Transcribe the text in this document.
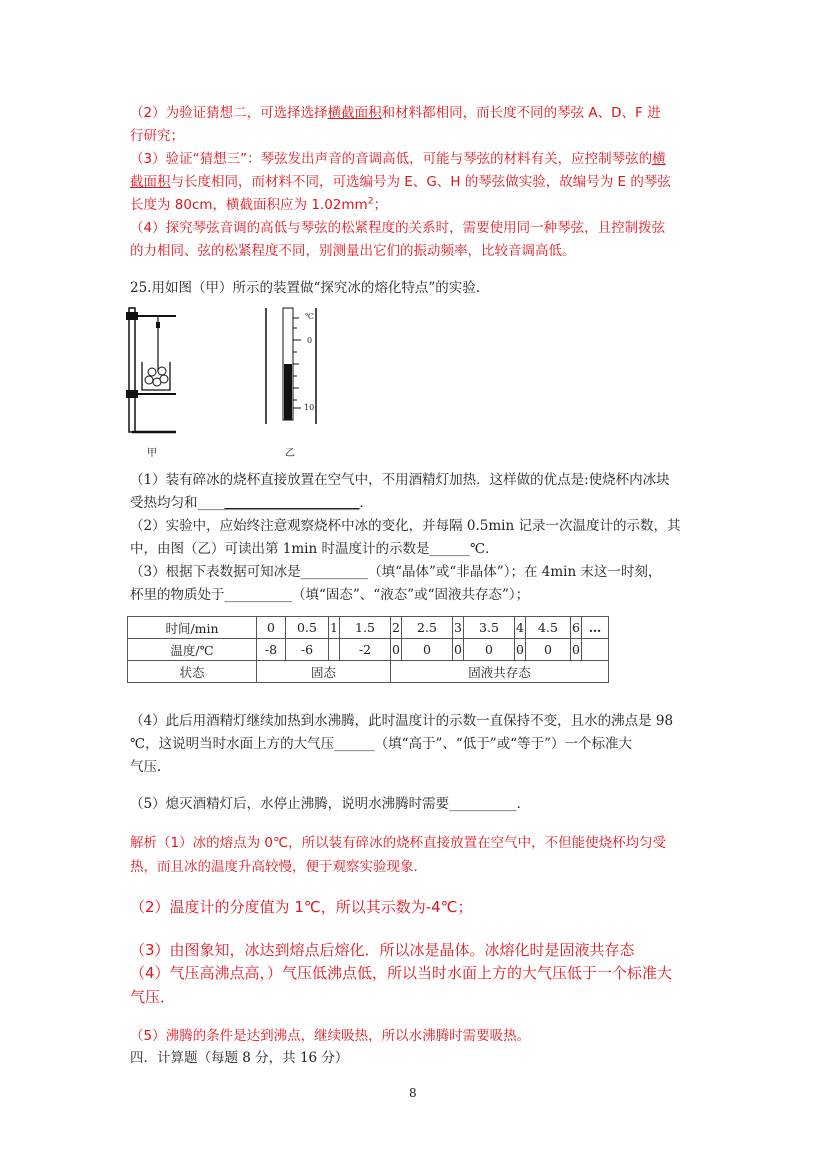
（2）为验证猜想二，可选择选择横截面积和材料都相同，而长度不同的琴弦 A、D、F 进
行研究；
（3）验证“猜想三”：琴弦发出声音的音调高低，可能与琴弦的材料有关，应控制琴弦的横
截面积与长度相同，而材料不同，可选编号为 E、G、H 的琴弦做实验，故编号为 E 的琴弦
长度为 80cm，横截面积应为 $1.02mm^2$；
（4）探究琴弦音调的高低与琴弦的松紧程度的关系时，需要使用同一种琴弦，且控制拨弦
的力相同、弦的松紧程度不同，别测量出它们的振动频率，比较音调高低。
25.用如图（甲）所示的装置做“探究冰的熔化特点”的实验.
甲
℃
0
10
乙
（1）装有碎冰的烧杯直接放置在空气中，不用酒精灯加热．这样做的优点是:使烧杯内冰块
受热均匀和________________________．
（2）实验中，应始终注意观察烧杯中冰的变化，并每隔 0.5min 记录一次温度计的示数，其
中，由图（乙）可读出第 1min 时温度计的示数是______℃．
（3）根据下表数据可知冰是__________（填“晶体”或“非晶体”）；在 4min 末这一时刻，
杯里的物质处于__________（填“固态”、“液态”或“固液共存态”）；
时间/min	0	0.5	1	1.5	2	2.5	3	3.5	4	4.5	6	…
温度/℃	-8	-6		-2	0	0	0	0	0	0	0	
状态	固态				固液共存态							
（4）此后用酒精灯继续加热到水沸腾，此时温度计的示数一直保持不变，且水的沸点是 98
℃，这说明当时水面上方的大气压______（填“高于”、“低于”或“等于”）一个标准大
气压．
（5）熄灭酒精灯后，水停止沸腾，说明水沸腾时需要__________．
解析（1）冰的熔点为 0℃，所以装有碎冰的烧杯直接放置在空气中，不但能使烧杯均匀受
热，而且冰的温度升高较慢，便于观察实验现象．
（2）温度计的分度值为 1℃，所以其示数为-4℃；
（3）由图象知，冰达到熔点后熔化．所以冰是晶体。冰熔化时是固液共存态
（4）气压高沸点高，）气压低沸点低，所以当时水面上方的大气压低于一个标准大
气压．
（5）沸腾的条件是达到沸点，继续吸热，所以水沸腾时需要吸热。
四．计算题（每题 8 分，共 16 分）
8
